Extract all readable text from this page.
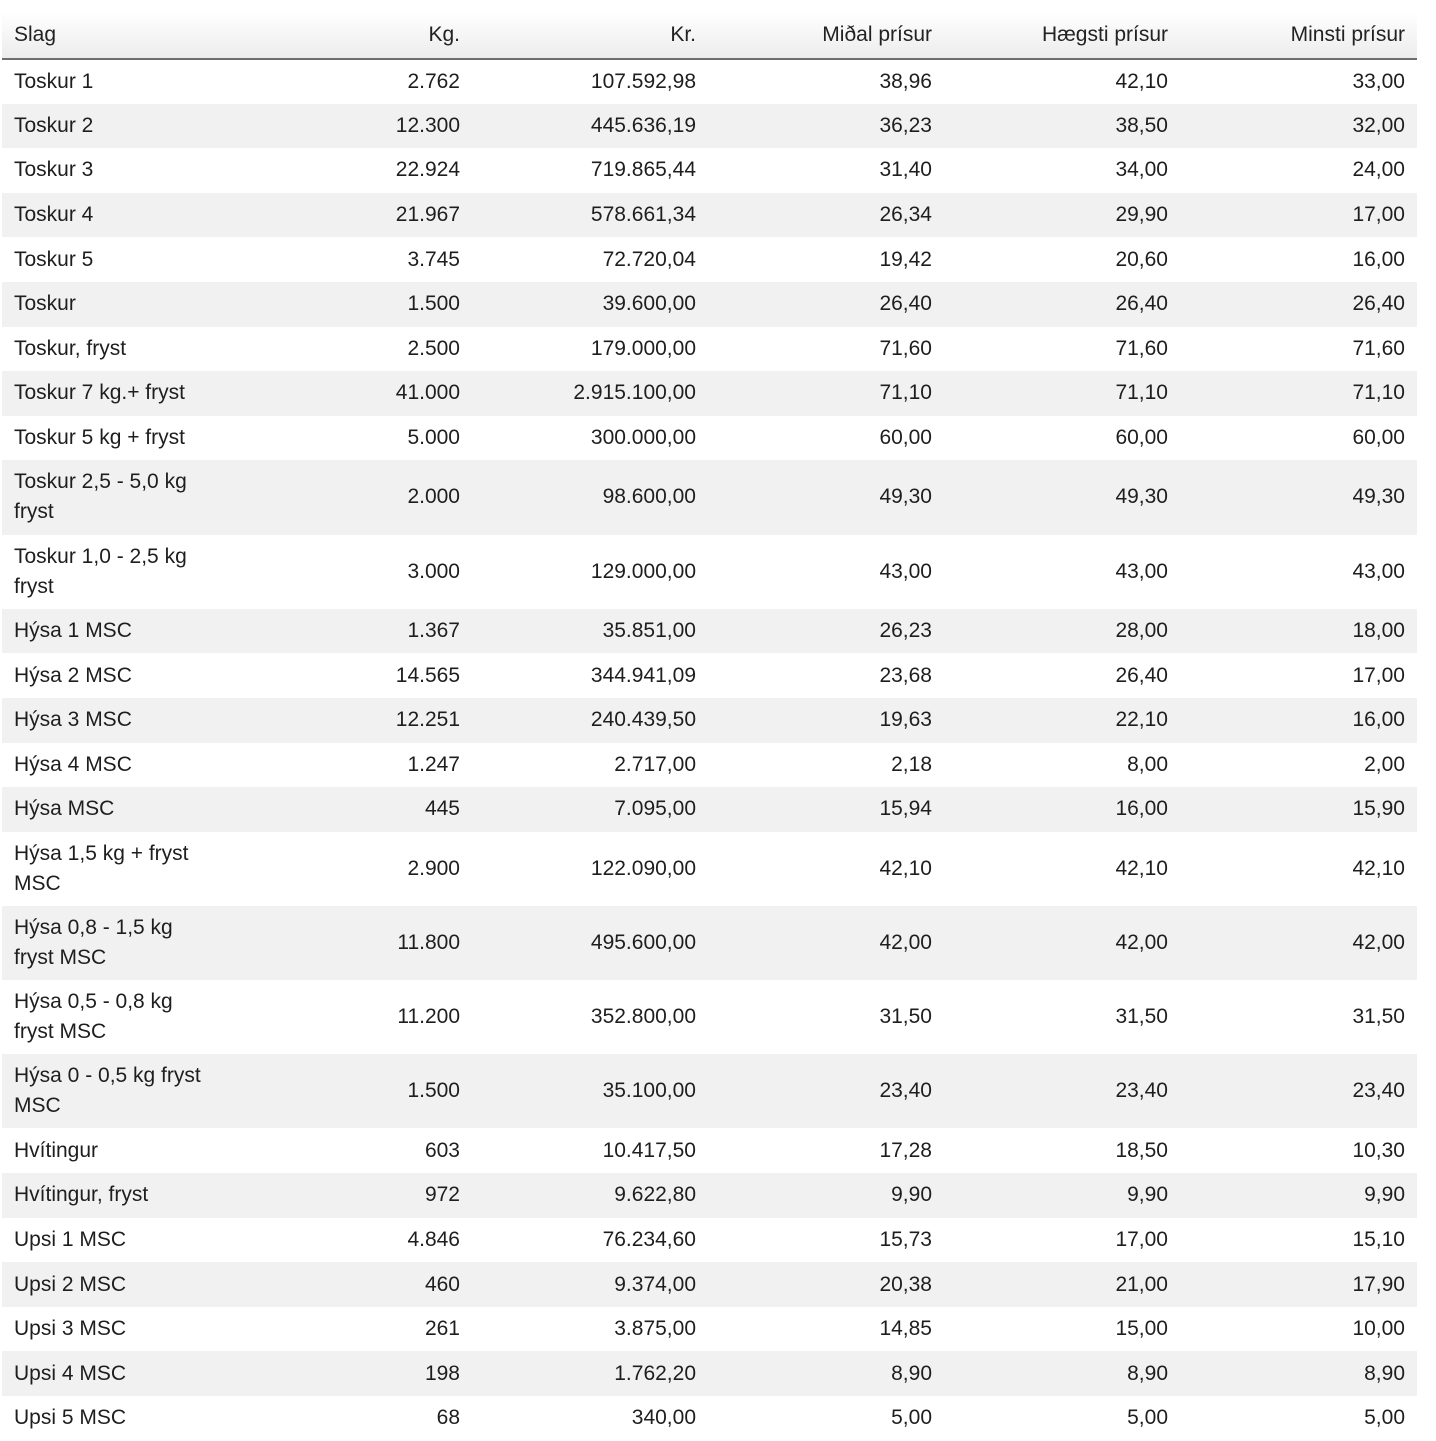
Slag	Kg.	Kr.	Miðal prísur	Hægsti prísur	Minsti prísur
Toskur 1	2.762	107.592,98	38,96	42,10	33,00
Toskur 2	12.300	445.636,19	36,23	38,50	32,00
Toskur 3	22.924	719.865,44	31,40	34,00	24,00
Toskur 4	21.967	578.661,34	26,34	29,90	17,00
Toskur 5	3.745	72.720,04	19,42	20,60	16,00
Toskur	1.500	39.600,00	26,40	26,40	26,40
Toskur, fryst	2.500	179.000,00	71,60	71,60	71,60
Toskur 7 kg.+ fryst	41.000	2.915.100,00	71,10	71,10	71,10
Toskur 5 kg + fryst	5.000	300.000,00	60,00	60,00	60,00
Toskur 2,5 - 5,0 kg fryst	2.000	98.600,00	49,30	49,30	49,30
Toskur 1,0 - 2,5 kg fryst	3.000	129.000,00	43,00	43,00	43,00
Hýsa 1 MSC	1.367	35.851,00	26,23	28,00	18,00
Hýsa 2 MSC	14.565	344.941,09	23,68	26,40	17,00
Hýsa 3 MSC	12.251	240.439,50	19,63	22,10	16,00
Hýsa 4 MSC	1.247	2.717,00	2,18	8,00	2,00
Hýsa MSC	445	7.095,00	15,94	16,00	15,90
Hýsa 1,5 kg + fryst MSC	2.900	122.090,00	42,10	42,10	42,10
Hýsa 0,8 - 1,5 kg fryst MSC	11.800	495.600,00	42,00	42,00	42,00
Hýsa 0,5 - 0,8 kg fryst MSC	11.200	352.800,00	31,50	31,50	31,50
Hýsa 0 - 0,5 kg fryst MSC	1.500	35.100,00	23,40	23,40	23,40
Hvítingur	603	10.417,50	17,28	18,50	10,30
Hvítingur, fryst	972	9.622,80	9,90	9,90	9,90
Upsi 1 MSC	4.846	76.234,60	15,73	17,00	15,10
Upsi 2 MSC	460	9.374,00	20,38	21,00	17,90
Upsi 3 MSC	261	3.875,00	14,85	15,00	10,00
Upsi 4 MSC	198	1.762,20	8,90	8,90	8,90
Upsi 5 MSC	68	340,00	5,00	5,00	5,00
